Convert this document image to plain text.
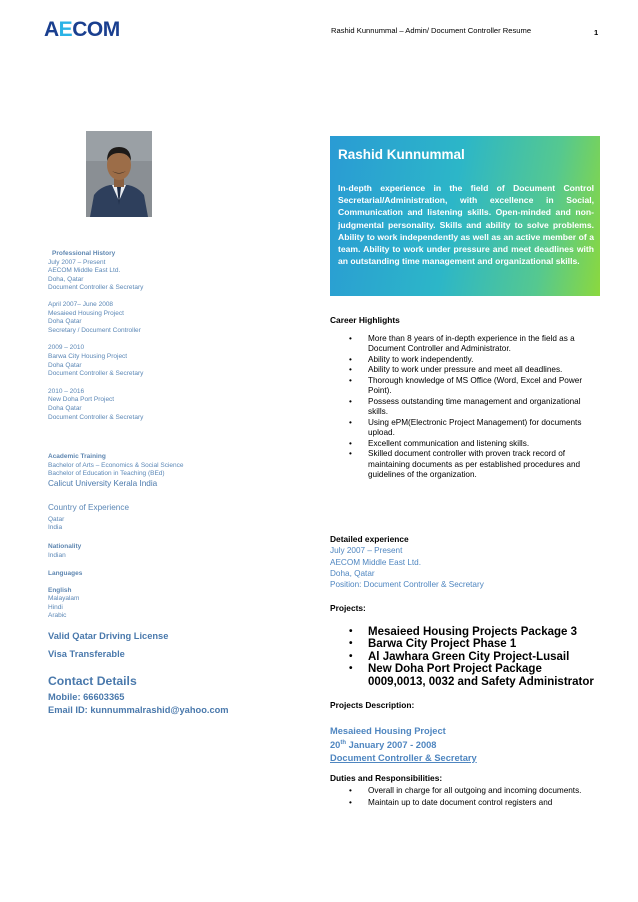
AECOM	Rashid Kunnummal – Admin/ Document Controller Resume	1
Professional History
July 2007 – Present
AECOM Middle East Ltd.
Doha, Qatar
Document Controller & Secretary
April 2007– June 2008
Mesaieed Housing Project
Doha Qatar
Secretary / Document Controller
2009 – 2010
Barwa City Housing Project
Doha Qatar
Document Controller & Secretary
2010 – 2016
New Doha Port Project
Doha Qatar
Document Controller & Secretary
Academic Training
Bachelor of Arts – Economics & Social Science
Bachelor of Education in Teaching (BEd)
Calicut University Kerala India
Country of Experience
Qatar
India
Nationality
Indian
Languages
English
Malayalam
Hindi
Arabic
Valid Qatar Driving License
Visa Transferable
Contact Details
Mobile: 66603365
Email ID: kunnummalrashid@yahoo.com
Rashid Kunnummal
In-depth experience in the field of Document Control Secretarial/Administration, with excellence in Social, Communication and listening skills. Open-minded and non-judgmental personality. Skills and ability to solve problems. Ability to work independently as well as an active member of a team. Ability to work under pressure and meet deadlines with an outstanding time management and organizational skills.
Career Highlights
• More than 8 years of in-depth experience in the field as a Document Controller and Administrator.
• Ability to work independently.
• Ability to work under pressure and meet all deadlines.
• Thorough knowledge of MS Office (Word, Excel and Power Point).
• Possess outstanding time management and organizational skills.
• Using ePM(Electronic Project Management) for documents upload.
• Excellent communication and listening skills.
• Skilled document controller with proven track record of maintaining documents as per established procedures and guidelines of the organization.
Detailed experience
July 2007 – Present
AECOM Middle East Ltd.
Doha, Qatar
Position: Document Controller & Secretary
Projects:
• Mesaieed Housing Projects Package 3
• Barwa City Project Phase 1
• Al Jawhara Green City Project-Lusail
• New Doha Port Project Package 0009,0013, 0032 and Safety Administrator
Projects Description:
Mesaieed Housing Project
20th January 2007 - 2008
Document Controller & Secretary
Duties and Responsibilities:
• Overall in charge for all outgoing and incoming documents.
• Maintain up to date document control registers and
